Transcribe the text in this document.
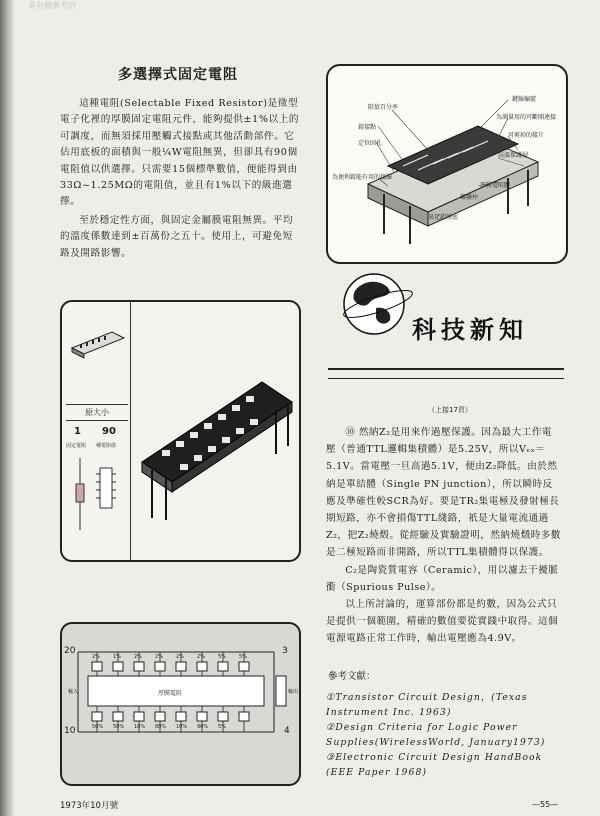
具有總參考的
多選擇式固定電阻

這種電阻(Selectable Fixed Resistor)是徵型電子化裡的厚膜固定電阻元件，能夠提供±1%以上的可調度，而無須採用壓觸式接點或其他活動部件。它佔用底板的面積與一般¼W電阻無異，但卻具有90個電阻值以供選擇。只需要15個標準數值，便能得到由33Ω~1.25MΩ的電阻值，並且有1%以下的級進選擇。

至於穩定性方面，與固定金屬膜電阻無異。平均的溫度係數達到±百萬份之五十。使用上，可避免短路及開路影響。

阻值百分率
鍵線編號
鎔接點
為測量用的可斷開連接
可剪掉的接片
定位固孔
高溫保護層
為便利鎔能有用的接線
厚膜電阻體
鎔接片
氧化鋁基底
原大小
1 90
固定電阻 種電阻值
20	3
10	4
厚膜電阻
輸入	輸出
2%	1%	2%	2%	2%	2%	5%	5%
50% 50% 10% 80% 10% 90% 5%
科技新知
（上接17頁）

⑩ 然納Z₂是用來作過壓保護。因為最大工作電壓（普通TTL邏輯集積體）是5.25V，所以Vₑₓ＝5.1V。當電壓一旦高過5.1V，便由Z₂降低。由於然納是單結體（Single PN junction），所以瞬時反應及準確性較SCR為好。要是TR₂集電極及發射極長期短路，亦不會損傷TTL綫路，祇是大量電流通過Z₂，把Z₂燒燬。從經驗及實驗證明，然納燒燬時多數是二極短路而非開路，所以TTL集積體得以保護。

C₂是陶瓷質電容（Ceramic），用以濾去干擾脈衝（Spurious Pulse）。

以上所討論的，運算部份都是約數，因為公式只是提供一個範圍，精確的數值要從實踐中取得。這個電源電路正常工作時，輸出電壓應為4.9V。

參考文獻：
①Transistor Circuit Design，(Texas Instrument Inc. 1963)
②Design Criteria for Logic Power Supplies(WirelessWorld, January1973)
③Electronic Circuit Design HandBook (EEE Paper 1968)
1973年10月號	—55—
